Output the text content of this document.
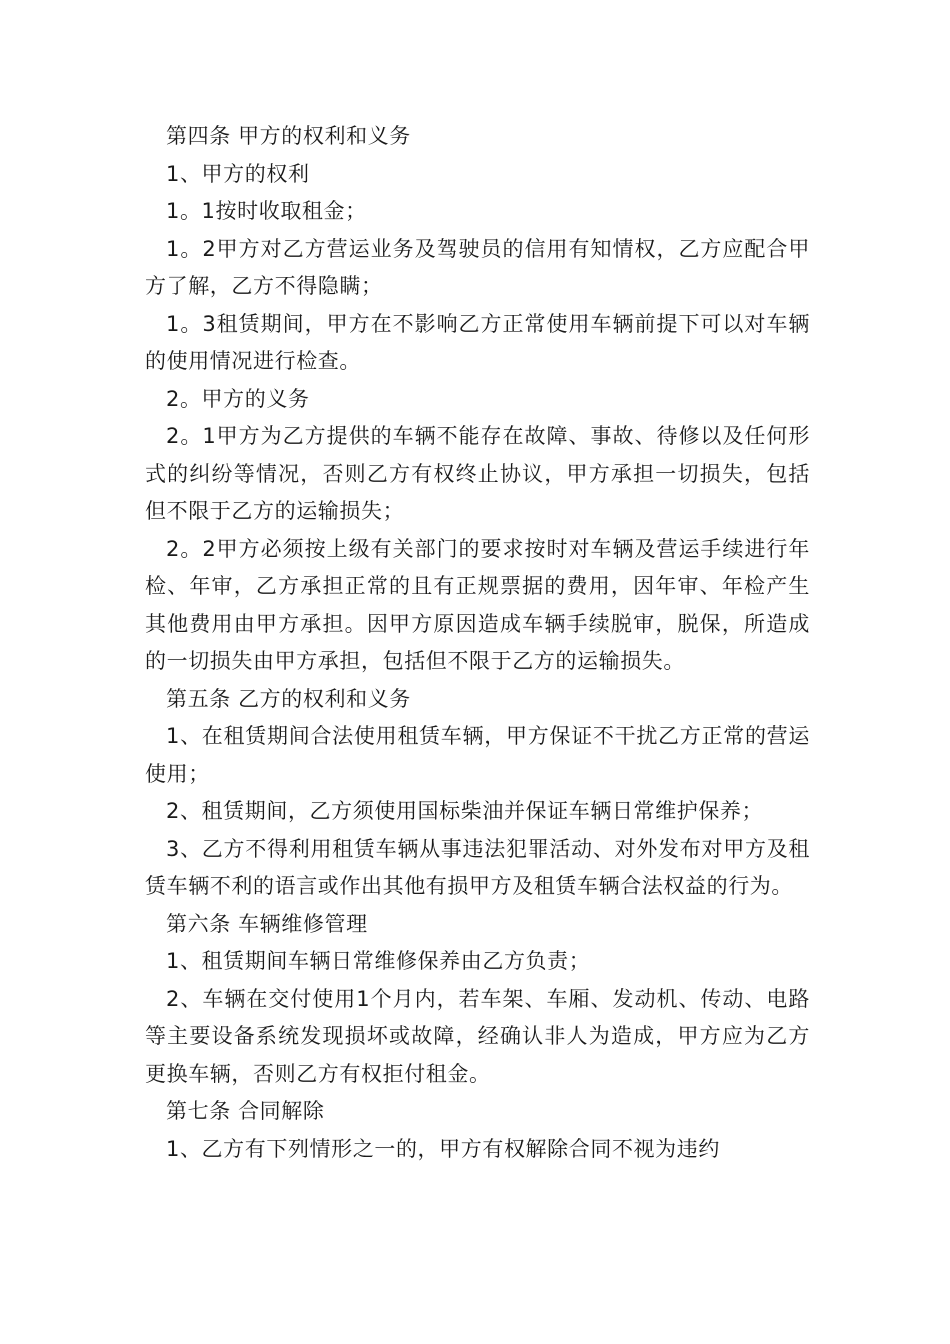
第四条 甲方的权利和义务

1、甲方的权利

1。1按时收取租金；

1。2甲方对乙方营运业务及驾驶员的信用有知情权，乙方应配合甲方了解，乙方不得隐瞒；

1。3租赁期间，甲方在不影响乙方正常使用车辆前提下可以对车辆的使用情况进行检查。

2。甲方的义务

2。1甲方为乙方提供的车辆不能存在故障、事故、待修以及任何形式的纠纷等情况，否则乙方有权终止协议，甲方承担一切损失，包括但不限于乙方的运输损失；

2。2甲方必须按上级有关部门的要求按时对车辆及营运手续进行年检、年审，乙方承担正常的且有正规票据的费用，因年审、年检产生其他费用由甲方承担。因甲方原因造成车辆手续脱审，脱保，所造成的一切损失由甲方承担，包括但不限于乙方的运输损失。

第五条 乙方的权利和义务

1、在租赁期间合法使用租赁车辆，甲方保证不干扰乙方正常的营运使用；

2、租赁期间，乙方须使用国标柴油并保证车辆日常维护保养；

3、乙方不得利用租赁车辆从事违法犯罪活动、对外发布对甲方及租赁车辆不利的语言或作出其他有损甲方及租赁车辆合法权益的行为。

第六条 车辆维修管理

1、租赁期间车辆日常维修保养由乙方负责；

2、车辆在交付使用1个月内，若车架、车厢、发动机、传动、电路等主要设备系统发现损坏或故障，经确认非人为造成，甲方应为乙方更换车辆，否则乙方有权拒付租金。

第七条 合同解除

1、乙方有下列情形之一的，甲方有权解除合同不视为违约
